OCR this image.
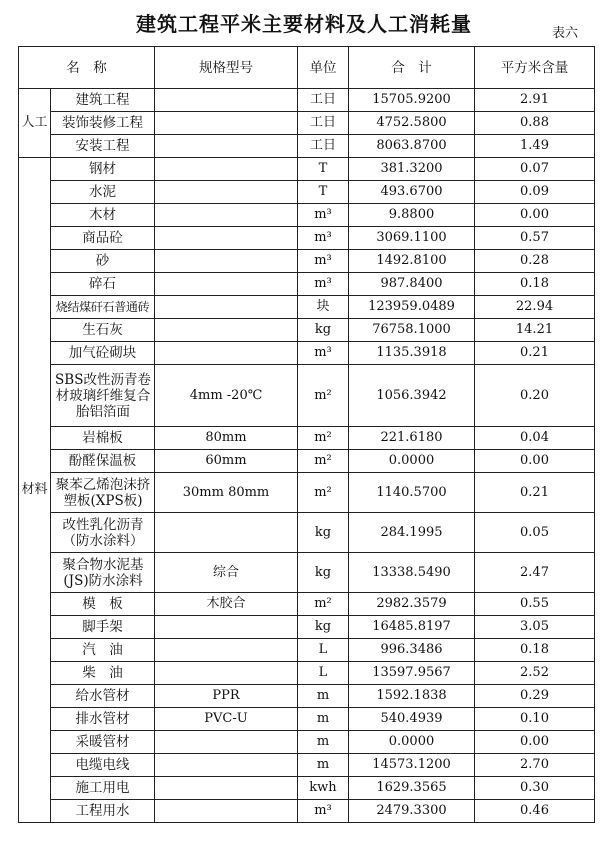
建筑工程平米主要材料及人工消耗量	表六
名　称		规格型号	单位	合　计	平方米含量
人工	建筑工程		工日	15705.9200	2.91
	装饰装修工程		工日	4752.5800	0.88
	安装工程		工日	8063.8700	1.49
材料	钢材		T	381.3200	0.07
	水泥		T	493.6700	0.09
	木材		m³	9.8800	0.00
	商品砼		m³	3069.1100	0.57
	砂		m³	1492.8100	0.28
	碎石		m³	987.8400	0.18
	烧结煤矸石普通砖		块	123959.0489	22.94
	生石灰		kg	76758.1000	14.21
	加气砼砌块		m³	1135.3918	0.21

	SBS改性沥青卷材玻璃纤维复合胎铝箔面	4mm -20℃	m²	1056.3942	0.20
	岩棉板	80mm	m²	221.6180	0.04
	酚醛保温板	60mm	m²	0.0000	0.00

	聚苯乙烯泡沫挤塑板(XPS板)	30mm 80mm	m²	1140.5700	0.21

	改性乳化沥青（防水涂料）		kg	284.1995	0.05

	聚合物水泥基(JS)防水涂料	综合	kg	13338.5490	2.47
	模　板	木胶合	m²	2982.3579	0.55
	脚手架		kg	16485.8197	3.05
	汽　油		L	996.3486	0.18
	柴　油		L	13597.9567	2.52
	给水管材	PPR	m	1592.1838	0.29
	排水管材	PVC-U	m	540.4939	0.10
	采暖管材		m	0.0000	0.00
	电缆电线		m	14573.1200	2.70
	施工用电		kwh	1629.3565	0.30
	工程用水		m³	2479.3300	0.46
